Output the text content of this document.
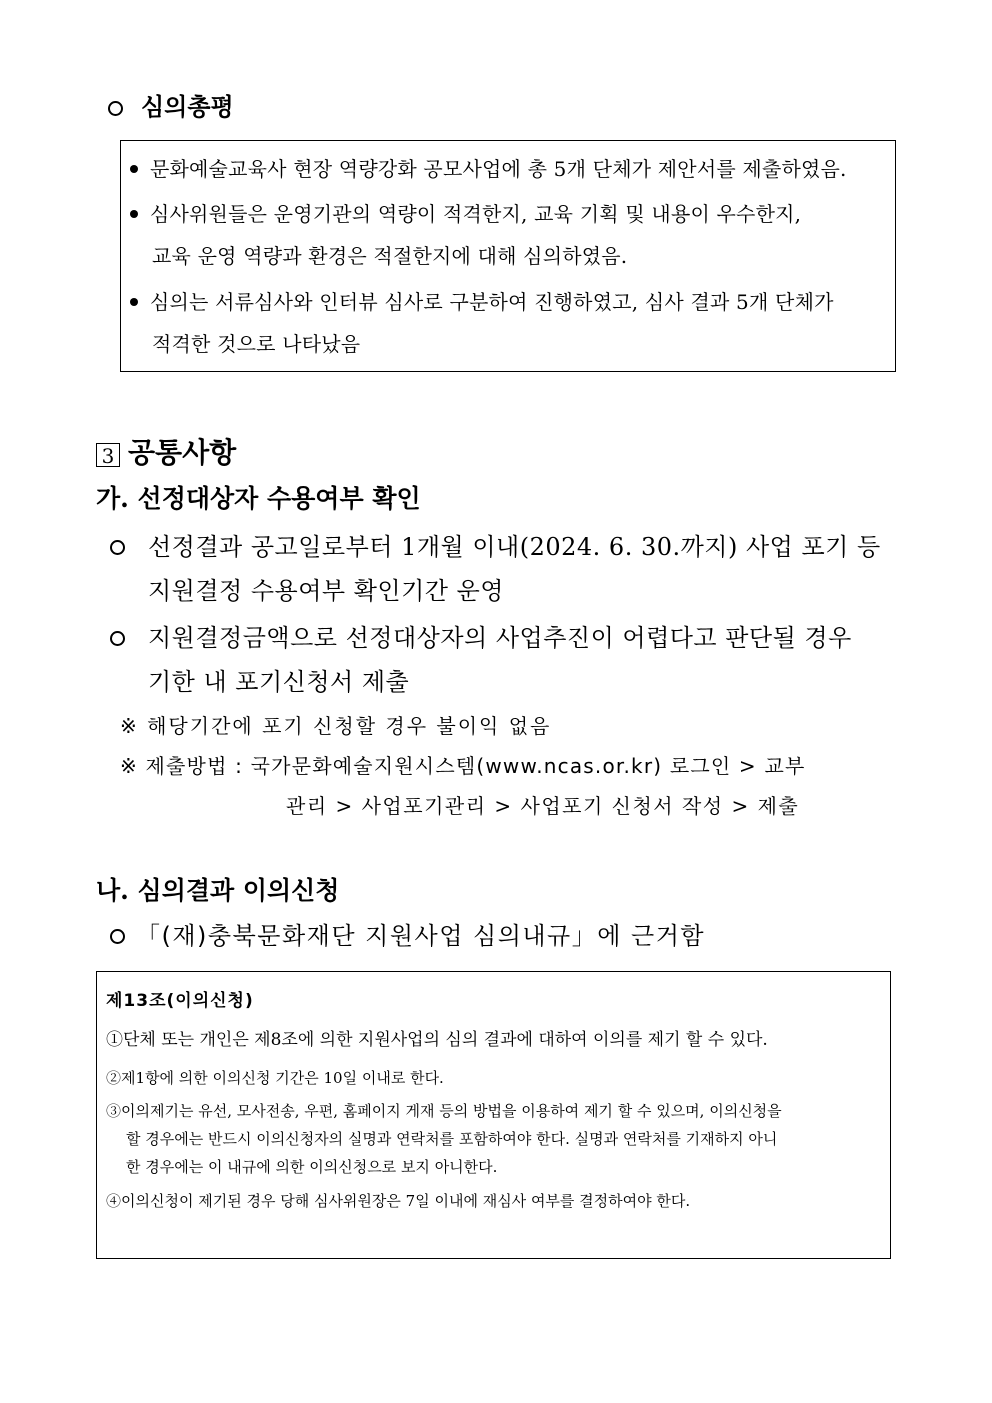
심의총평
문화예술교육사 현장 역량강화 공모사업에 총 5개 단체가 제안서를 제출하였음.
심사위원들은 운영기관의 역량이 적격한지, 교육 기획 및 내용이 우수한지,
교육 운영 역량과 환경은 적절한지에 대해 심의하였음.
심의는 서류심사와 인터뷰 심사로 구분하여 진행하였고, 심사 결과 5개 단체가
적격한 것으로 나타났음
3 공통사항
가. 선정대상자 수용여부 확인
선정결과 공고일로부터 1개월 이내(2024. 6. 30.까지) 사업 포기 등
지원결정 수용여부 확인기간 운영
지원결정금액으로 선정대상자의 사업추진이 어렵다고 판단될 경우
기한 내 포기신청서 제출
※ 해당기간에 포기 신청할 경우 불이익 없음
※ 제출방법 : 국가문화예술지원시스템(www.ncas.or.kr) 로그인 > 교부
관리 > 사업포기관리 > 사업포기 신청서 작성 > 제출
나. 심의결과 이의신청
「(재)충북문화재단 지원사업 심의내규」에 근거함
제13조(이의신청)
①단체 또는 개인은 제8조에 의한 지원사업의 심의 결과에 대하여 이의를 제기 할 수 있다.
②제1항에 의한 이의신청 기간은 10일 이내로 한다.
③이의제기는 유선, 모사전송, 우편, 홈페이지 게재 등의 방법을 이용하여 제기 할 수 있으며, 이의신청을
할 경우에는 반드시 이의신청자의 실명과 연락처를 포함하여야 한다. 실명과 연락처를 기재하지 아니
한 경우에는 이 내규에 의한 이의신청으로 보지 아니한다.
④이의신청이 제기된 경우 당해 심사위원장은 7일 이내에 재심사 여부를 결정하여야 한다.
